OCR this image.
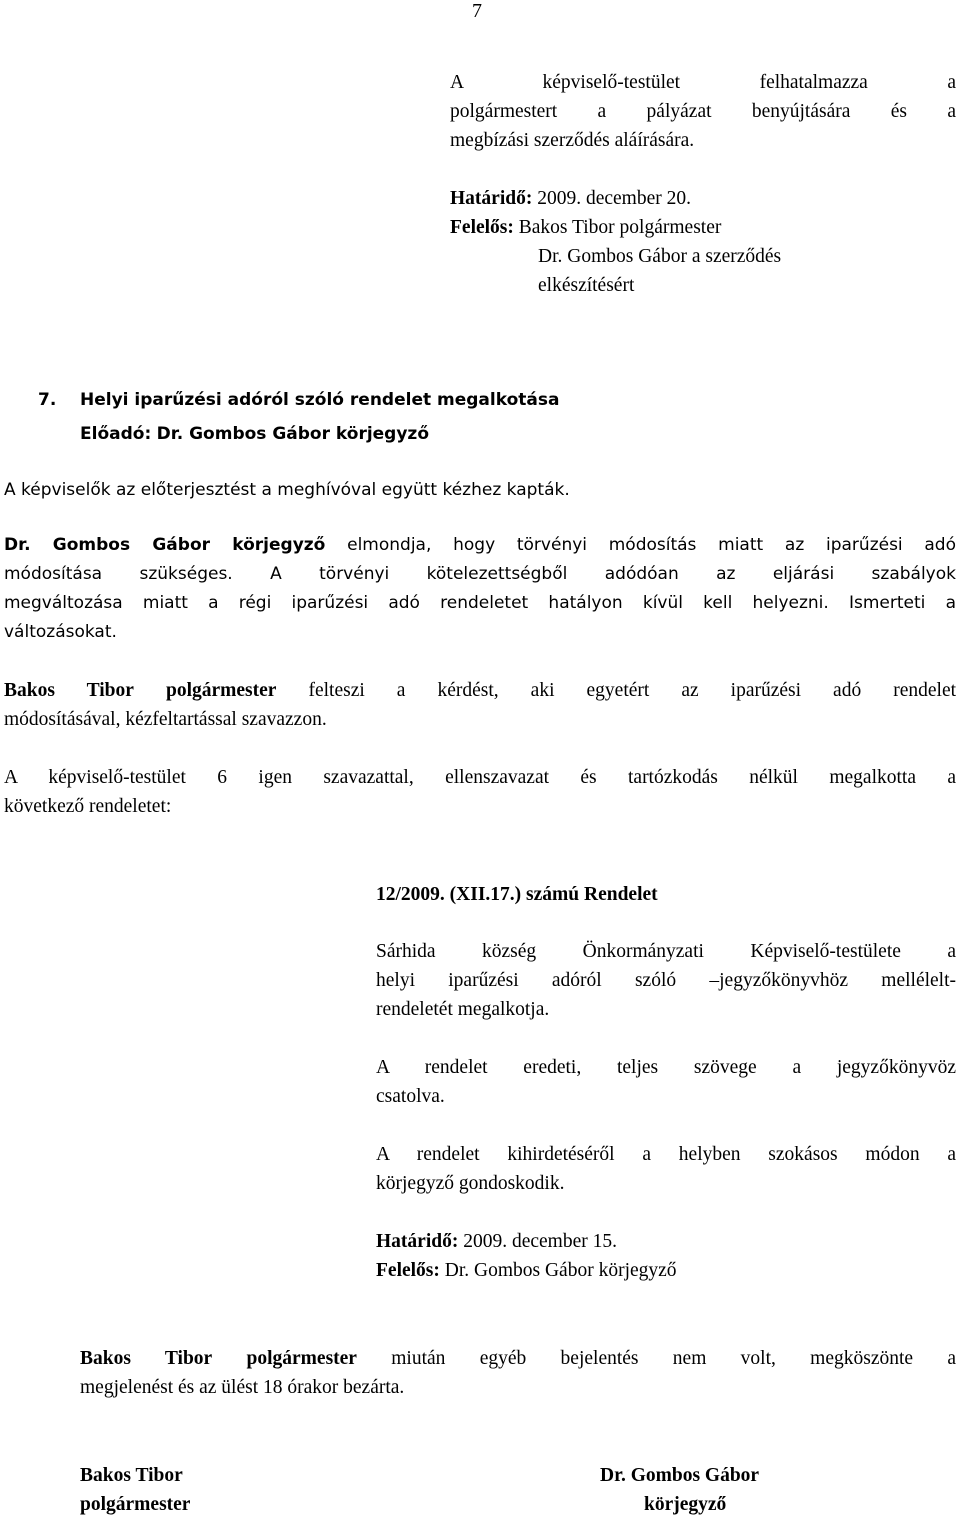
7
A képviselő-testület felhatalmazza a
polgármestert a pályázat benyújtására és a
megbízási szerződés aláírására.
Határidő: 2009. december 20.
Felelős: Bakos Tibor polgármester
Dr. Gombos Gábor a szerződés
elkészítésért
7. Helyi iparűzési adóról szóló rendelet megalkotása
Előadó: Dr. Gombos Gábor körjegyző
A képviselők az előterjesztést a meghívóval együtt kézhez kapták.
Dr. Gombos Gábor körjegyző elmondja, hogy törvényi módosítás miatt az iparűzési adó
módosítása szükséges. A törvényi kötelezettségből adódóan az eljárási szabályok
megváltozása miatt a régi iparűzési adó rendeletet hatályon kívül kell helyezni. Ismerteti a
változásokat.
Bakos Tibor polgármester felteszi a kérdést, aki egyetért az iparűzési adó rendelet
módosításával, kézfeltartással szavazzon.
A képviselő-testület 6 igen szavazattal, ellenszavazat és tartózkodás nélkül megalkotta a
következő rendeletet:
12/2009. (XII.17.) számú Rendelet
Sárhida község Önkormányzati Képviselő-testülete a
helyi iparűzési adóról szóló –jegyzőkönyvhöz mellélelt-
rendeletét megalkotja.
A rendelet eredeti, teljes szövege a jegyzőkönyvöz
csatolva.
A rendelet kihirdetéséről a helyben szokásos módon a
körjegyző gondoskodik.
Határidő: 2009. december 15.
Felelős: Dr. Gombos Gábor körjegyző
Bakos Tibor polgármester miután egyéb bejelentés nem volt, megköszönte a
megjelenést és az ülést 18 órakor bezárta.
Bakos Tibor
polgármester
Dr. Gombos Gábor
körjegyző
